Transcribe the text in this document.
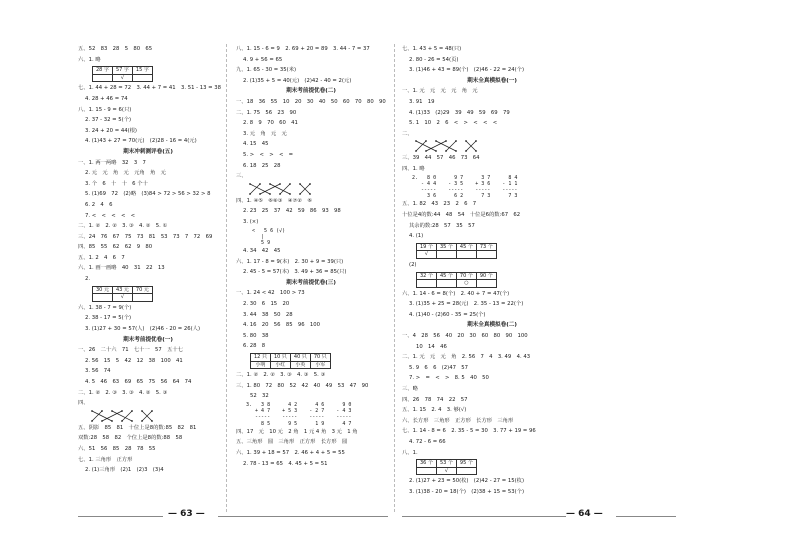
五、52　83　28　5　80　65
六、1. 略
28 字	57 字	15 字
	√	
七、1. 44 + 28 = 72　3. 44 + 7 = 41　3. 51 - 13 = 38
4. 28 + 46 = 74
八、1. 15 - 9 = 6(只)
2. 37 - 32 = 5(个)
3. 24 + 20 = 44(根)
4. (1)43 + 27 = 70(元)　(2)28 - 16 = 4(元)
期末冲刺测评卷(五)
一、1. 两一两略　32　3　7
2. 元　元　角　元　元角　角　元
3. 个　6　十　十　6 个十
5. (1)69　72　(2)略　(3)84 > 72 > 56 > 32 > 8
6. 2　4　6
7. <　<　<　<　<
二、1. ②　2. ②　3. ③　4. ②　5. ①
三、24　76　67　75　73　81　53　73　7　72　69
四、85　55　62　62　9　80
五、1. 2　4　6　7
六、1. 画一画略　40　31　22　13
2.
30 元	43 元	70 元
	√	
六、1. 38 - 7 = 9(个)
2. 38 - 17 = 5(个)
3. (1)27 + 30 = 57(人)　(2)46 - 20 = 26(人)
期末考前提优卷(一)
一、26　二十六　71　七十一　57　五十七
2. 56　15　5　42　12　38　100　41
3. 56　74
4. 5　46　63　69　65　75　56　64　74
二、1. ②　2. ③　3. ③　4. ②　5. ③
四、
五、阴影　85　81　十位上是8的数:85　82　81
双数:28　58　82　个位上是8的数:88　58
六、51　56　85　28　78　55
七、1. 三角形　正方形
2. (1)三角形　(2)1　(2)3　(3)4
八、1. 15 - 6 = 9　2. 69 + 20 = 89　3. 44 - 7 = 37
4. 9 + 56 = 65
九、1. 65 - 30 = 35(米)
2. (1)35 + 5 = 40(元)　(2)42 - 40 = 2(元)
期末考前提优卷(二)
一、18　36　55　10　20　30　40　50　60　70　80　90
二、1. 75　56　23　90
2. 8　9　70　60　41
3. 元　角　元　元
4. 15　45
5. >　<　>　<　=
6. 18　25　28
三、
四、1. ④⑤　⑥⑧③　④⑦②　⑥
2. 23　25　37　42　59　86　93　98
3. (×)
<   5 6 (√)
|
5 9
4. 34　42　45
六、1. 17 - 8 = 9(本)　2. 30 + 9 = 39(只)
2. 45 - 5 = 57(本)　3. 49 + 36 = 85(只)
期末考前提优卷(三)
一、1. 24 < 42　100 > 73
2. 30　6　15　20
3. 44　38　50　28
4. 16　20　56　85　96　100
5. 80　38
6. 28　8
12 只	10 只	40 只	70 只
小明	小红	小英	小军
二、1. ②　2. ②　3. ③　4. ③　5. ③
三、1. 80　72　80　52　42　40　49　53　47　90
52　32
3.   3 8      4 2      4 6      9 0
+ 4 7    + 5 3    - 2 7    - 4 3
-----    -----    -----    -----
8 5      9 5      1 9      4 7
四、17　元　10 元　2 角　1 元 4 角　3 元　1 角
五、三角形　圆　三角形　正方形　长方形　圆
六、1. 39 + 18 = 57　2. 46 + 4 + 5 = 55
2. 78 - 13 = 65　4. 45 + 5 = 51
七、1. 43 + 5 = 48(只)
2. 80 - 26 = 54(页)
3. (1)46 + 43 = 89(个)　(2)46 - 22 = 24(个)
期末全真模拟卷(一)
一、1. 元　元　元　元　角　元
3. 91　19
4. (1)33　(2)29　39　49　59　69　79
5. 1　10　2　6　<　>　<　<　<
二、
三、39　44　57　46　73　64
四、1. 略
2.   8 0      9 7      3 7      8 4
- 4 4    - 3 5    + 3 6    - 1 1
-----    -----    -----    -----
3 6      6 2      7 3      7 3
五、1. 82　43　23　2　6　7
十位是4的数:44　48　54　十位是6的数:67　62
其余的数:28　57　35　57
4. (1)
19 个	35 个	45 个	73 个
√			
(2)
32 个	45 个	70 个	90 个
		○	
六、1. 14 - 6 = 8(个)　2. 40 + 7 = 47(个)
3. (1)35 + 25 = 28(元)　2. 35 - 13 = 22(个)
4. (1)40 - (2)60 - 35 = 25(个)
期末全真模拟卷(二)
一、4　28　56　40　20　30　60　80　90　100
10　14　46
二、1. 元　元　元　角　2. 56　7　4　3. 49　4. 43
5. 9　6　6　(2)47　57
7. >　=　<　>　8. 5　40　50
三、略
四、26　78　74　22　57
五、1. 15　2. 4　3. 够(√)
六、长方形　三角形　正方形　长方形　三角形
七、1. 14 - 8 = 6　2. 35 - 5 = 30　3. 77 + 19 = 96
4. 72 - 6 = 66
八、1.
36 个	53 个	95 个
	√	
2. (1)27 + 23 = 50(枚)　(2)42 - 27 = 15(枚)
3. (1)38 - 20 = 18(个)　(2)38 + 15 = 53(个)
— 63 —	— 64 —
